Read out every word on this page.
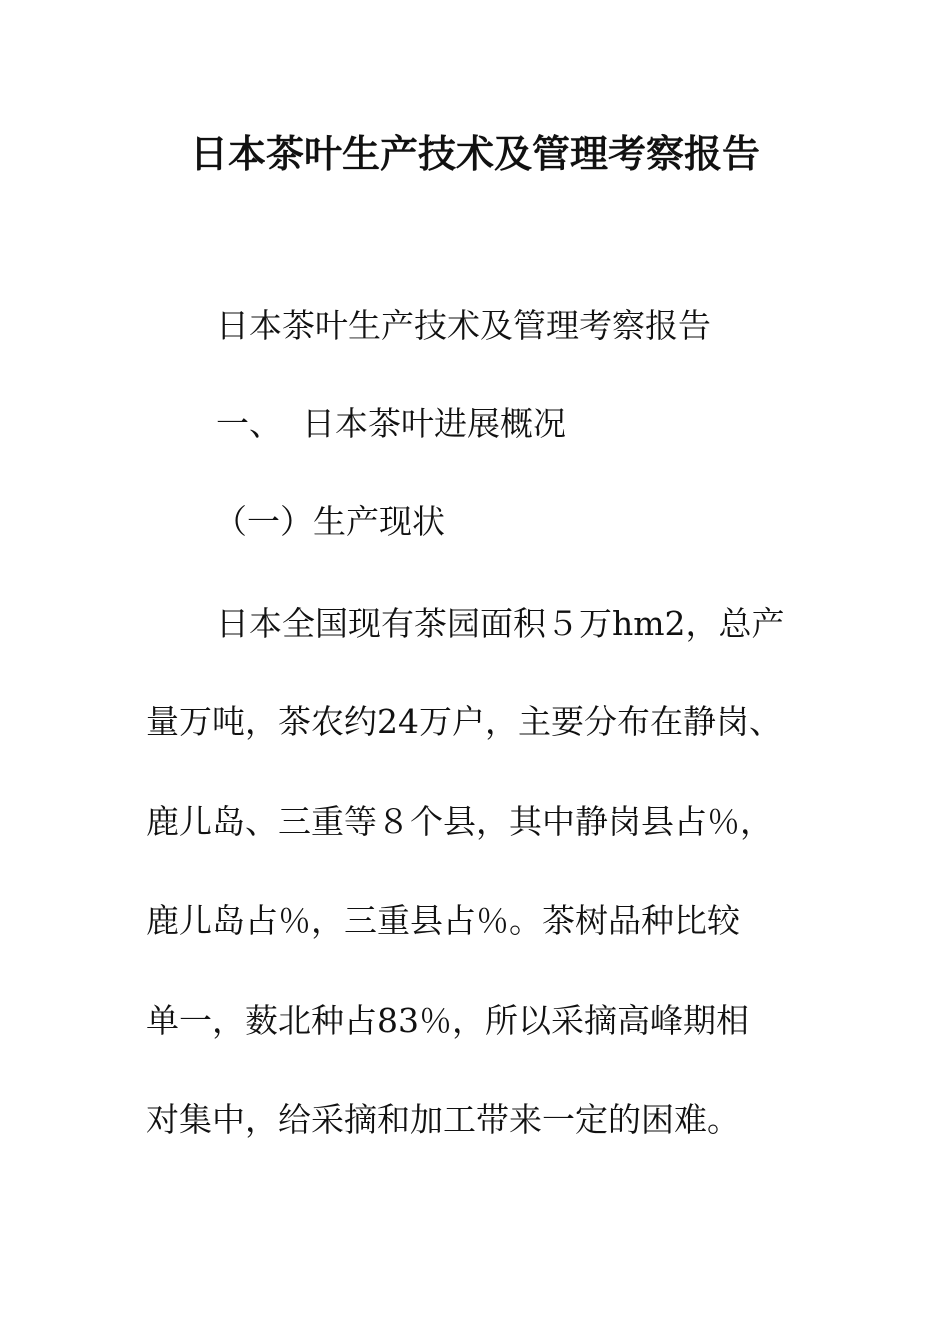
日本茶叶生产技术及管理考察报告

日本茶叶生产技术及管理考察报告

一、 日本茶叶进展概况

（一）生产现状

日本全国现有茶园面积５万hm2，总产

量万吨，茶农约24万户，主要分布在静岗、

鹿儿岛、三重等８个县，其中静岗县占％，

鹿儿岛占％，三重县占％。茶树品种比较

单一，薮北种占83％，所以采摘高峰期相

对集中，给采摘和加工带来一定的困难。
